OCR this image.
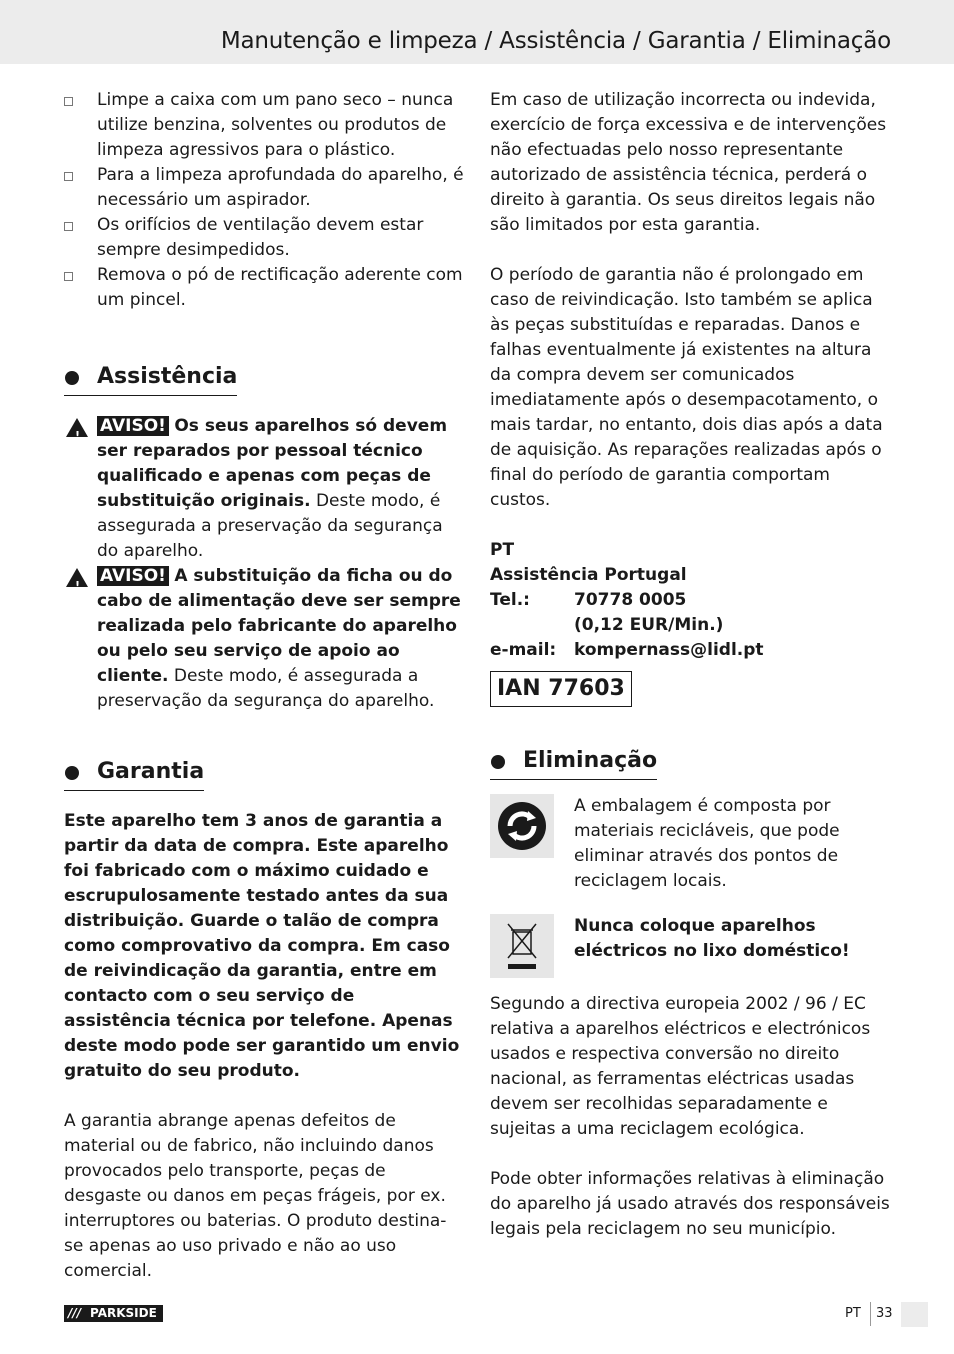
Manutenção e limpeza / Assistência / Garantia / Eliminação
Limpe a caixa com um pano seco – nunca utilize benzina, solventes ou produtos de limpeza agressivos para o plástico.
Para a limpeza aprofundada do aparelho, é necessário um aspirador.
Os orifícios de ventilação devem estar sempre desimpedidos.
Remova o pó de rectificação aderente com um pincel.
Assistência
! AVISO! Os seus aparelhos só devem ser reparados por pessoal técnico qualificado e apenas com peças de substituição originais. Deste modo, é assegurada a preservação da segurança do aparelho.
! AVISO! A substituição da ficha ou do cabo de alimentação deve ser sempre realizada pelo fabricante do aparelho ou pelo seu serviço de apoio ao cliente. Deste modo, é assegurada a preservação da segurança do aparelho.
Garantia

Este aparelho tem 3 anos de garantia a partir da data de compra. Este aparelho foi fabricado com o máximo cuidado e escrupulosamente testado antes da sua distribuição. Guarde o talão de compra como comprovativo da compra. Em caso de reivindicação da garantia, entre em contacto com o seu serviço de assistência técnica por telefone. Apenas deste modo pode ser garantido um envio gratuito do seu produto.

A garantia abrange apenas defeitos de material ou de fabrico, não incluindo danos provocados pelo transporte, peças de desgaste ou danos em peças frágeis, por ex. interruptores ou baterias. O produto destina-se apenas ao uso privado e não ao uso comercial.

Em caso de utilização incorrecta ou indevida, exercício de força excessiva e de intervenções não efectuadas pelo nosso representante autorizado de assistência técnica, perderá o direito à garantia. Os seus direitos legais não são limitados por esta garantia.

O período de garantia não é prolongado em caso de reivindicação. Isto também se aplica às peças substituídas e reparadas. Danos e falhas eventualmente já existentes na altura da compra devem ser comunicados imediatamente após o desempacotamento, o mais tardar, no entanto, dois dias após a data de aquisição. As reparações realizadas após o final do período de garantia comportam custos.

PT
Assistência Portugal
Tel.:	70778 0005
(0,12 EUR/Min.)
e-mail:	kompernass@lidl.pt
IAN 77603
Eliminação

A embalagem é composta por materiais recicláveis, que pode eliminar através dos pontos de reciclagem locais.

Nunca coloque aparelhos eléctricos no lixo doméstico!

Segundo a directiva europeia 2002 / 96 / EC relativa a aparelhos eléctricos e electrónicos usados e respectiva conversão no direito nacional, as ferramentas eléctricas usadas devem ser recolhidas separadamente e sujeitas a uma reciclagem ecológica.

Pode obter informações relativas à eliminação do aparelho já usado através dos responsáveis legais pela reciclagem no seu município.

/// PARKSIDE	PT 33
